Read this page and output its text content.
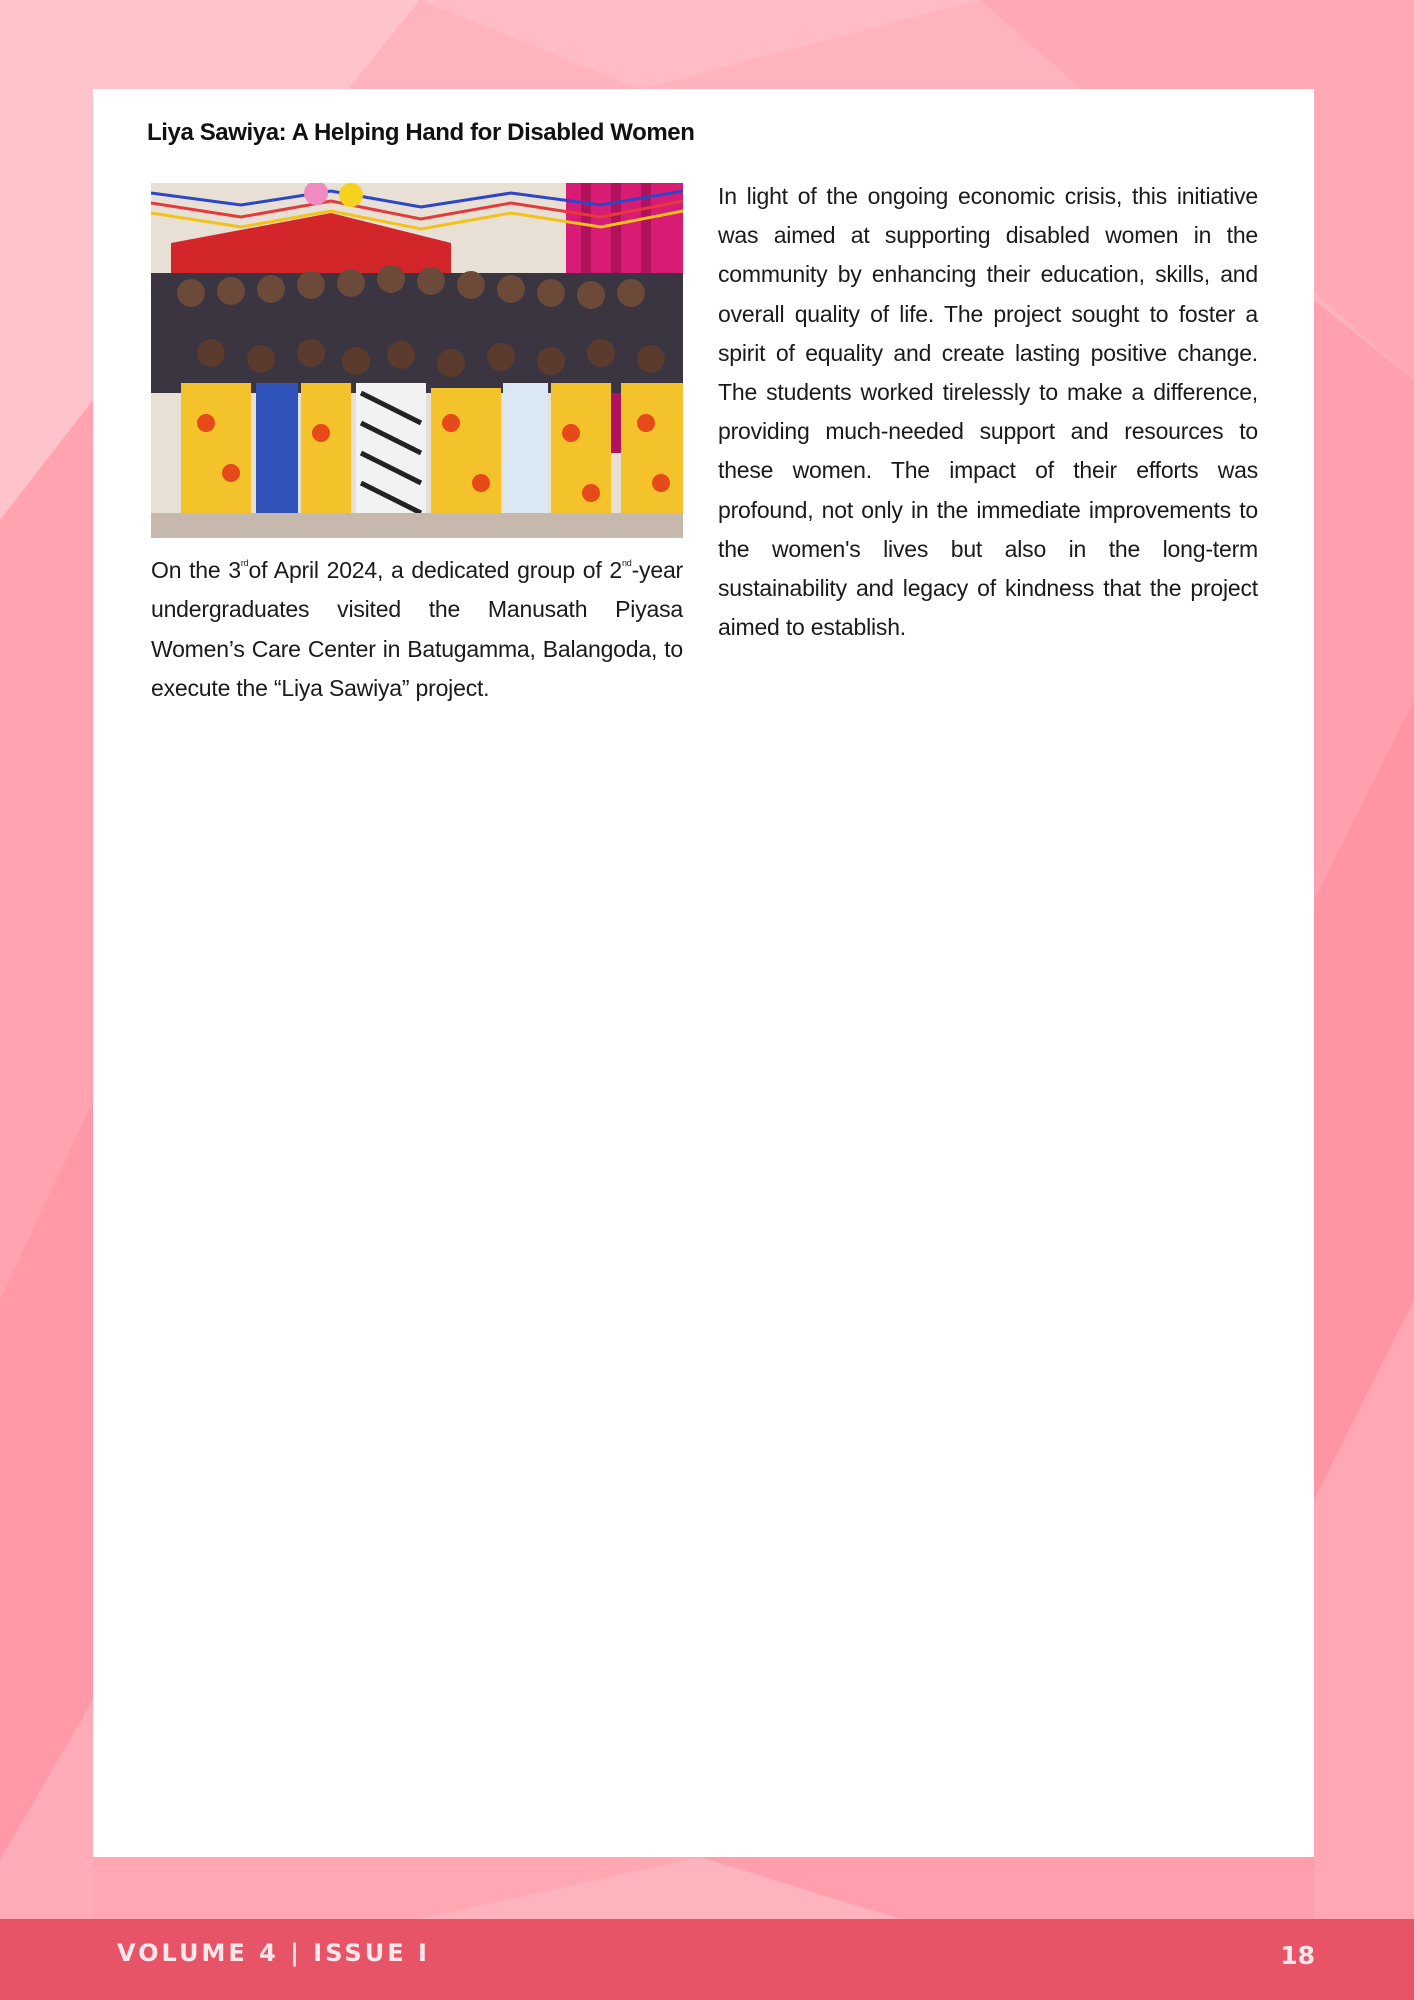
Liya Sawiya: A Helping Hand for Disabled Women

On the 3rdof April 2024, a dedicated group of 2nd-year undergraduates visited the Manusath Piyasa Women’s Care Center in Batugamma, Balangoda, to execute the “Liya Sawiya” project.

In light of the ongoing economic crisis, this initiative was aimed at supporting disabled women in the community by enhancing their education, skills, and overall quality of life. The project sought to foster a spirit of equality and create lasting positive change. The students worked tirelessly to make a difference, providing much-needed support and resources to these women. The impact of their efforts was profound, not only in the immediate improvements to the women's lives but also in the long-term sustainability and legacy of kindness that the project aimed to establish.

VOLUME 4 | ISSUE I	18
